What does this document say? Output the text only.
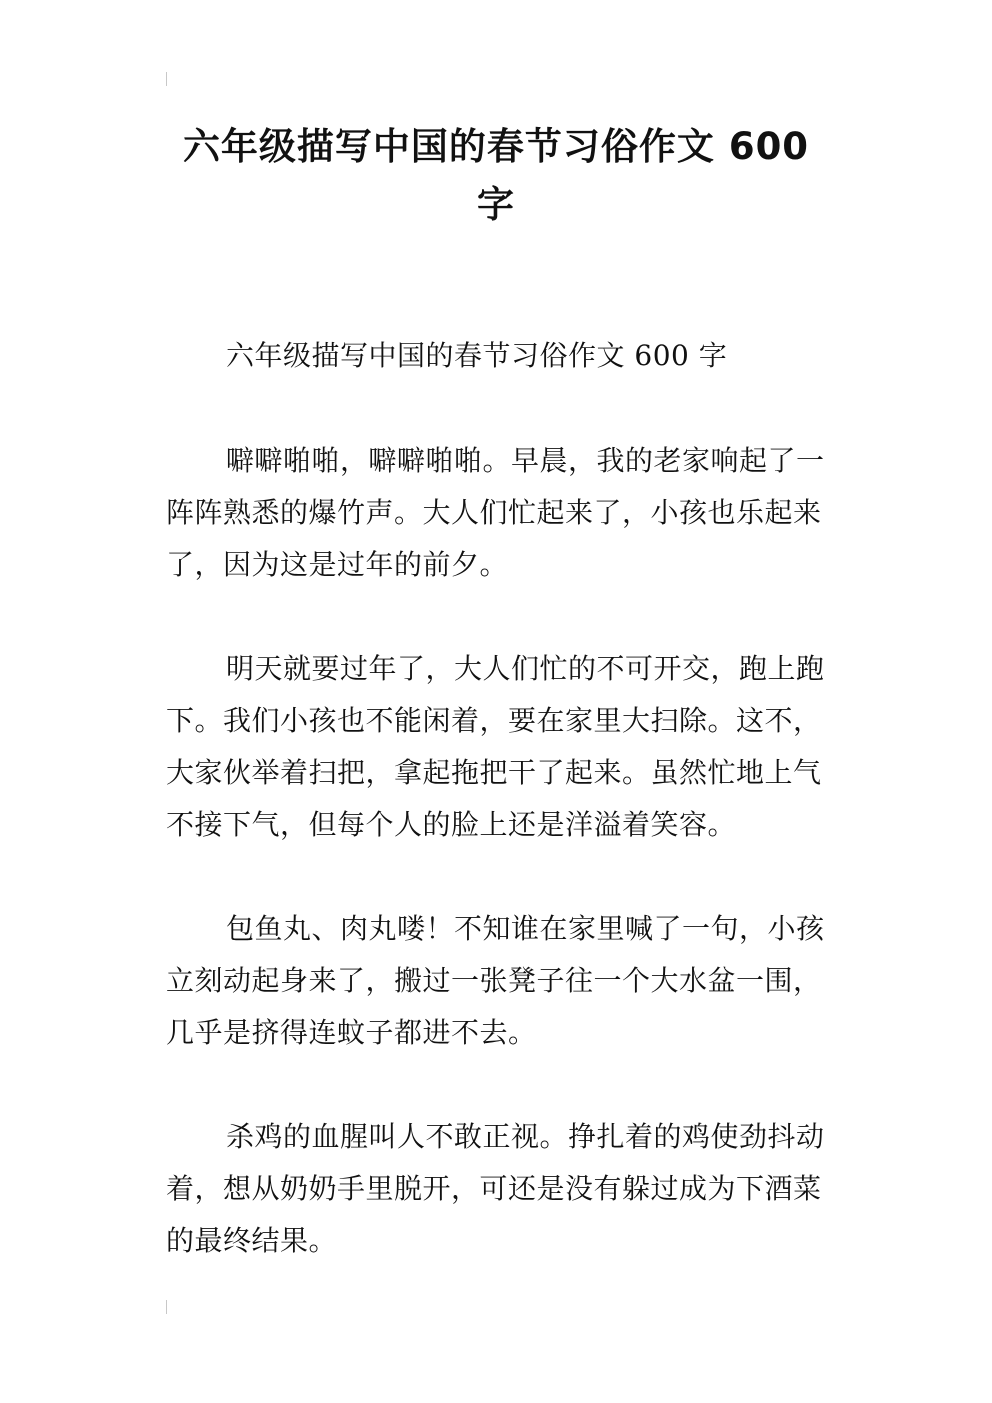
六年级描写中国的春节习俗作文 600 字

六年级描写中国的春节习俗作文 600 字

噼噼啪啪，噼噼啪啪。早晨，我的老家响起了一阵阵熟悉的爆竹声。大人们忙起来了，小孩也乐起来了，因为这是过年的前夕。

明天就要过年了，大人们忙的不可开交，跑上跑下。我们小孩也不能闲着，要在家里大扫除。这不，大家伙举着扫把，拿起拖把干了起来。虽然忙地上气不接下气，但每个人的脸上还是洋溢着笑容。

包鱼丸、肉丸喽！不知谁在家里喊了一句，小孩立刻动起身来了，搬过一张凳子往一个大水盆一围，几乎是挤得连蚊子都进不去。

杀鸡的血腥叫人不敢正视。挣扎着的鸡使劲抖动着，想从奶奶手里脱开，可还是没有躲过成为下酒菜的最终结果。
